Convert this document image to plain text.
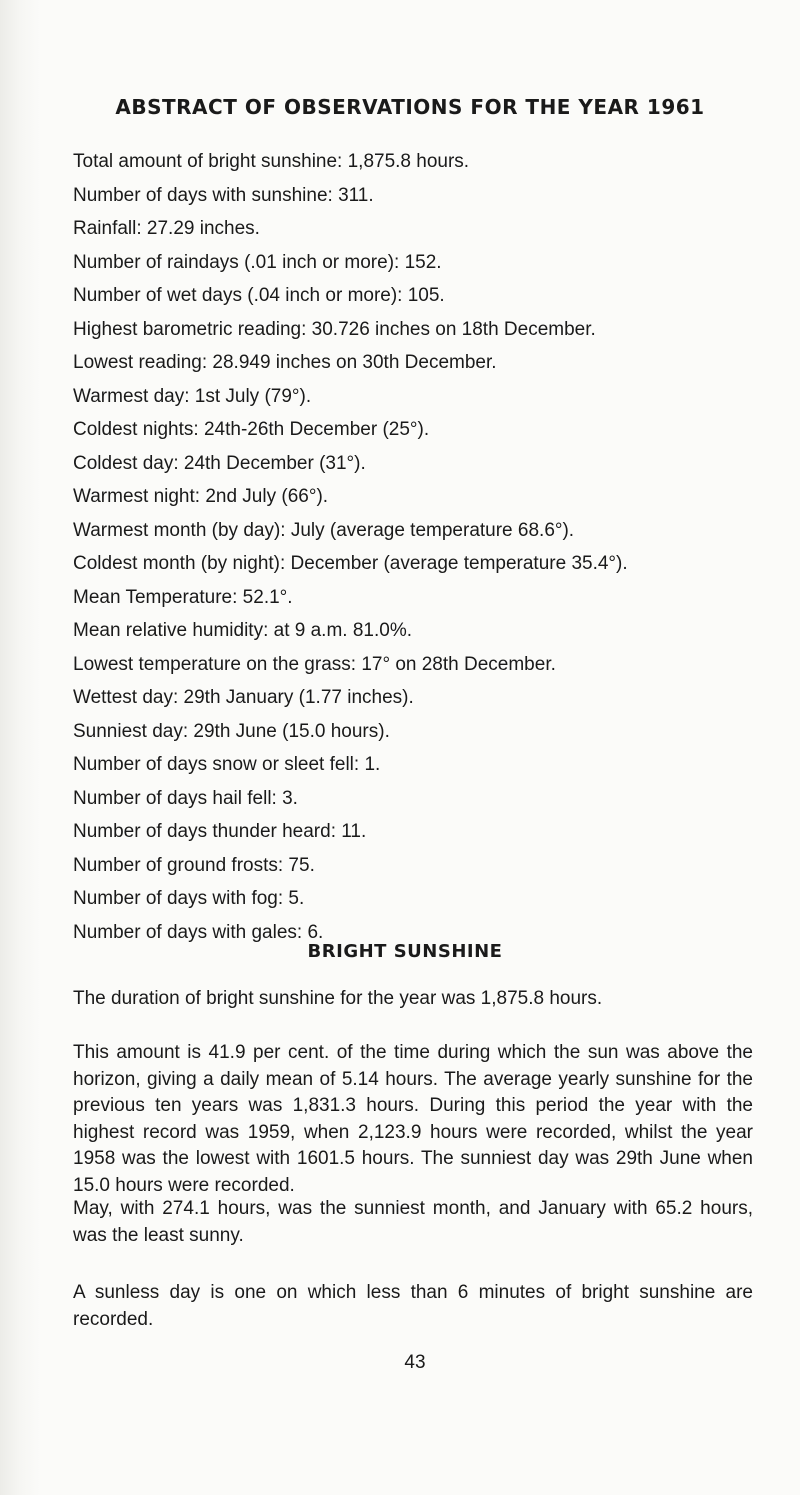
ABSTRACT OF OBSERVATIONS FOR THE YEAR 1961
Total amount of bright sunshine: 1,875.8 hours.
Number of days with sunshine: 311.
Rainfall: 27.29 inches.
Number of raindays (.01 inch or more): 152.
Number of wet days (.04 inch or more): 105.
Highest barometric reading: 30.726 inches on 18th December.
Lowest reading: 28.949 inches on 30th December.
Warmest day: 1st July (79°).
Coldest nights: 24th-26th December (25°).
Coldest day: 24th December (31°).
Warmest night: 2nd July (66°).
Warmest month (by day): July (average temperature 68.6°).
Coldest month (by night): December (average temperature 35.4°).
Mean Temperature: 52.1°.
Mean relative humidity: at 9 a.m. 81.0%.
Lowest temperature on the grass: 17° on 28th December.
Wettest day: 29th January (1.77 inches).
Sunniest day: 29th June (15.0 hours).
Number of days snow or sleet fell: 1.
Number of days hail fell: 3.
Number of days thunder heard: 11.
Number of ground frosts: 75.
Number of days with fog: 5.
Number of days with gales: 6.
BRIGHT SUNSHINE

The duration of bright sunshine for the year was 1,875.8 hours.

This amount is 41.9 per cent. of the time during which the sun was above the horizon, giving a daily mean of 5.14 hours. The average yearly sunshine for the previous ten years was 1,831.3 hours. During this period the year with the highest record was 1959, when 2,123.9 hours were recorded, whilst the year 1958 was the lowest with 1601.5 hours. The sunniest day was 29th June when 15.0 hours were recorded.

May, with 274.1 hours, was the sunniest month, and January with 65.2 hours, was the least sunny.

A sunless day is one on which less than 6 minutes of bright sunshine are recorded.

43
